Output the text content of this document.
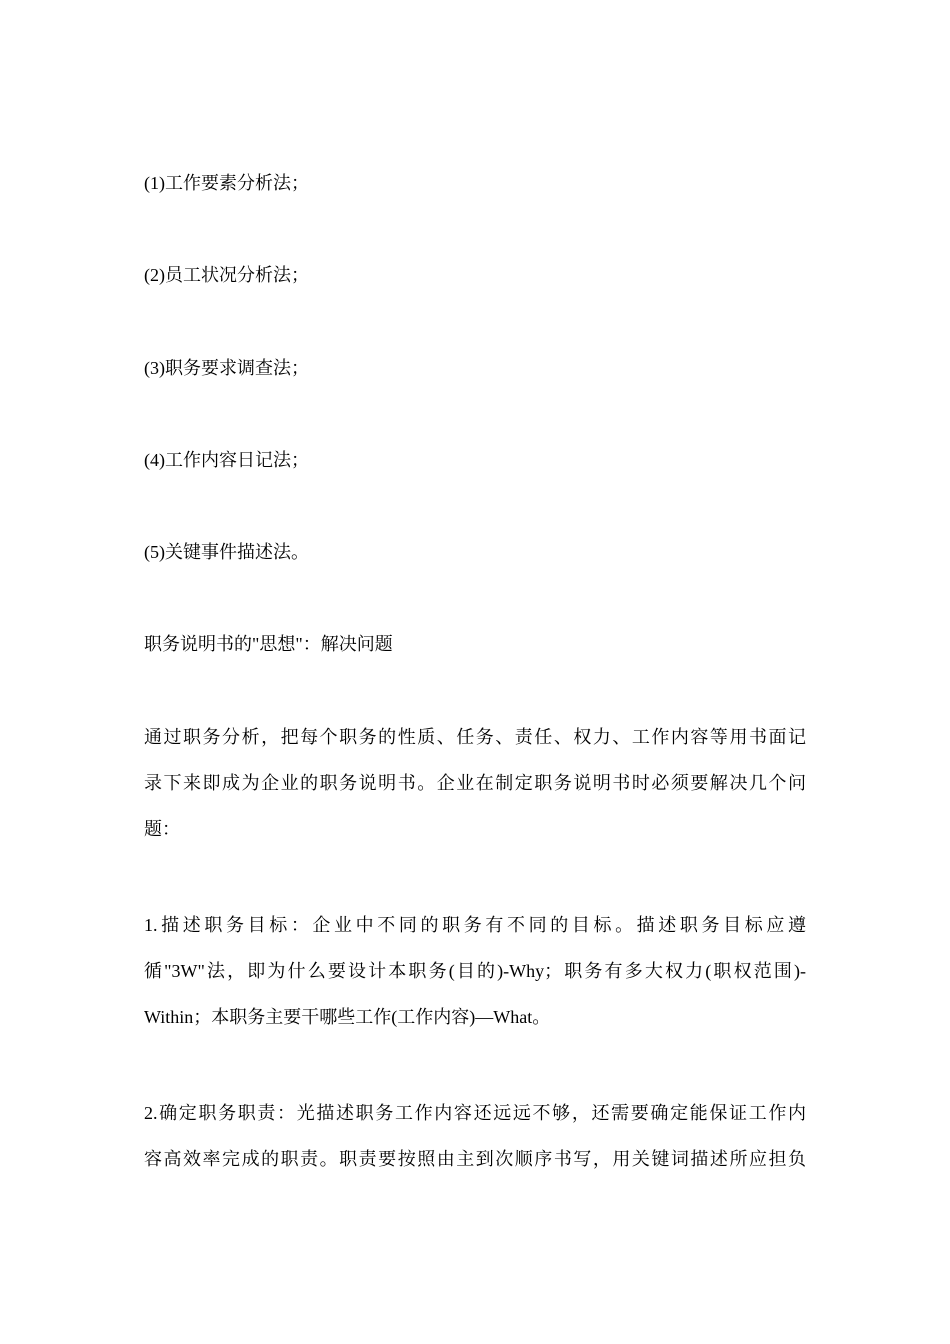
(1)工作要素分析法；

(2)员工状况分析法；

(3)职务要求调查法；

(4)工作内容日记法；

(5)关键事件描述法。

职务说明书的"思想"：解决问题

通过职务分析，把每个职务的性质、任务、责任、权力、工作内容等用书面记
录下来即成为企业的职务说明书。企业在制定职务说明书时必须要解决几个问
题：

1.描述职务目标：企业中不同的职务有不同的目标。描述职务目标应遵
循"3W"法，即为什么要设计本职务(目的)-Why；职务有多大权力(职权范围)-
Within；本职务主要干哪些工作(工作内容)—What。

2.确定职务职责：光描述职务工作内容还远远不够，还需要确定能保证工作内
容高效率完成的职责。职责要按照由主到次顺序书写，用关键词描述所应担负
